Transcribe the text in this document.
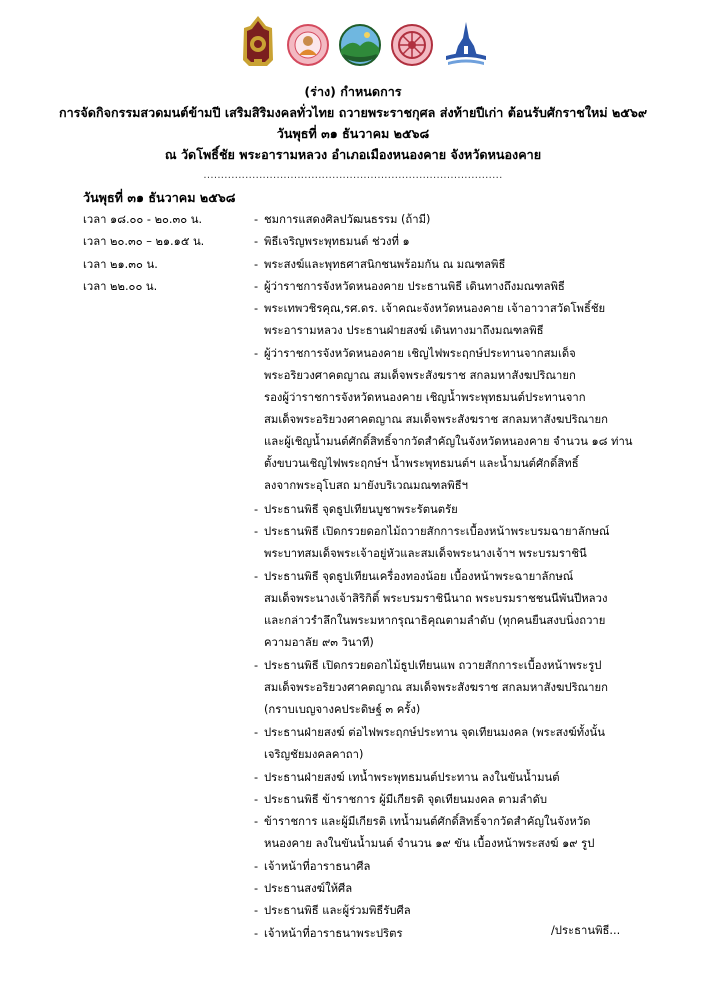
(ร่าง) กำหนดการ
การจัดกิจกรรมสวดมนต์ข้ามปี เสริมสิริมงคลทั่วไทย ถวายพระราชกุศล ส่งท้ายปีเก่า ต้อนรับศักราชใหม่ ๒๕๖๙
วันพุธที่ ๓๑ ธันวาคม ๒๕๖๘
ณ วัดโพธิ์ชัย พระอารามหลวง อำเภอเมืองหนองคาย จังหวัดหนองคาย
......................................................................................
วันพุธที่ ๓๑ ธันวาคม ๒๕๖๘
เวลา ๑๘.๐๐ - ๒๐.๓๐ น.	- ชมการแสดงศิลปวัฒนธรรม (ถ้ามี)
เวลา ๒๐.๓๐ – ๒๑.๑๕ น.	- พิธีเจริญพระพุทธมนต์ ช่วงที่ ๑
เวลา ๒๑.๓๐ น.	- พระสงฆ์และพุทธศาสนิกชนพร้อมกัน ณ มณฑลพิธี
เวลา ๒๒.๐๐ น.	- ผู้ว่าราชการจังหวัดหนองคาย ประธานพิธี เดินทางถึงมณฑลพิธี
- พระเทพวชิรคุณ,รศ.ดร. เจ้าคณะจังหวัดหนองคาย เจ้าอาวาสวัดโพธิ์ชัย
พระอารามหลวง ประธานฝ่ายสงฆ์ เดินทางมาถึงมณฑลพิธี
- ผู้ว่าราชการจังหวัดหนองคาย เชิญไฟพระฤกษ์ประทานจากสมเด็จ
พระอริยวงศาคตญาณ สมเด็จพระสังฆราช สกลมหาสังฆปริณายก
รองผู้ว่าราชการจังหวัดหนองคาย เชิญน้ำพระพุทธมนต์ประทานจาก
สมเด็จพระอริยวงศาคตญาณ สมเด็จพระสังฆราช สกลมหาสังฆปริณายก
และผู้เชิญน้ำมนต์ศักดิ์สิทธิ์จากวัดสำคัญในจังหวัดหนองคาย จำนวน ๑๘ ท่าน
ตั้งขบวนเชิญไฟพระฤกษ์ฯ น้ำพระพุทธมนต์ฯ และน้ำมนต์ศักดิ์สิทธิ์
ลงจากพระอุโบสถ มายังบริเวณมณฑลพิธีฯ
- ประธานพิธี จุดธูปเทียนบูชาพระรัตนตรัย
- ประธานพิธี เปิดกรวยดอกไม้ถวายสักการะเบื้องหน้าพระบรมฉายาลักษณ์
พระบาทสมเด็จพระเจ้าอยู่หัวและสมเด็จพระนางเจ้าฯ พระบรมราชินี
- ประธานพิธี จุดธูปเทียนเครื่องทองน้อย เบื้องหน้าพระฉายาลักษณ์
สมเด็จพระนางเจ้าสิริกิติ์ พระบรมราชินีนาถ พระบรมราชชนนีพันปีหลวง
และกล่าวรำลึกในพระมหากรุณาธิคุณตามลำดับ (ทุกคนยืนสงบนิ่งถวาย
ความอาลัย ๙๓ วินาที)
- ประธานพิธี เปิดกรวยดอกไม้ธูปเทียนแพ ถวายสักการะเบื้องหน้าพระรูป
สมเด็จพระอริยวงศาคตญาณ สมเด็จพระสังฆราช สกลมหาสังฆปริณายก
(กราบเบญจางคประดิษฐ์ ๓ ครั้ง)
- ประธานฝ่ายสงฆ์ ต่อไฟพระฤกษ์ประทาน จุดเทียนมงคล (พระสงฆ์ทั้งนั้น
เจริญชัยมงคลคาถา)
- ประธานฝ่ายสงฆ์ เทน้ำพระพุทธมนต์ประทาน ลงในขันน้ำมนต์
- ประธานพิธี ข้าราชการ ผู้มีเกียรติ จุดเทียนมงคล ตามลำดับ
- ข้าราชการ และผู้มีเกียรติ เทน้ำมนต์ศักดิ์สิทธิ์จากวัดสำคัญในจังหวัด
หนองคาย ลงในขันน้ำมนต์ จำนวน ๑๙ ขัน เบื้องหน้าพระสงฆ์ ๑๙ รูป
- เจ้าหน้าที่อาราธนาศีล
- ประธานสงฆ์ให้ศีล
- ประธานพิธี และผู้ร่วมพิธีรับศีล
- เจ้าหน้าที่อาราธนาพระปริตร	/ประธานพิธี...
